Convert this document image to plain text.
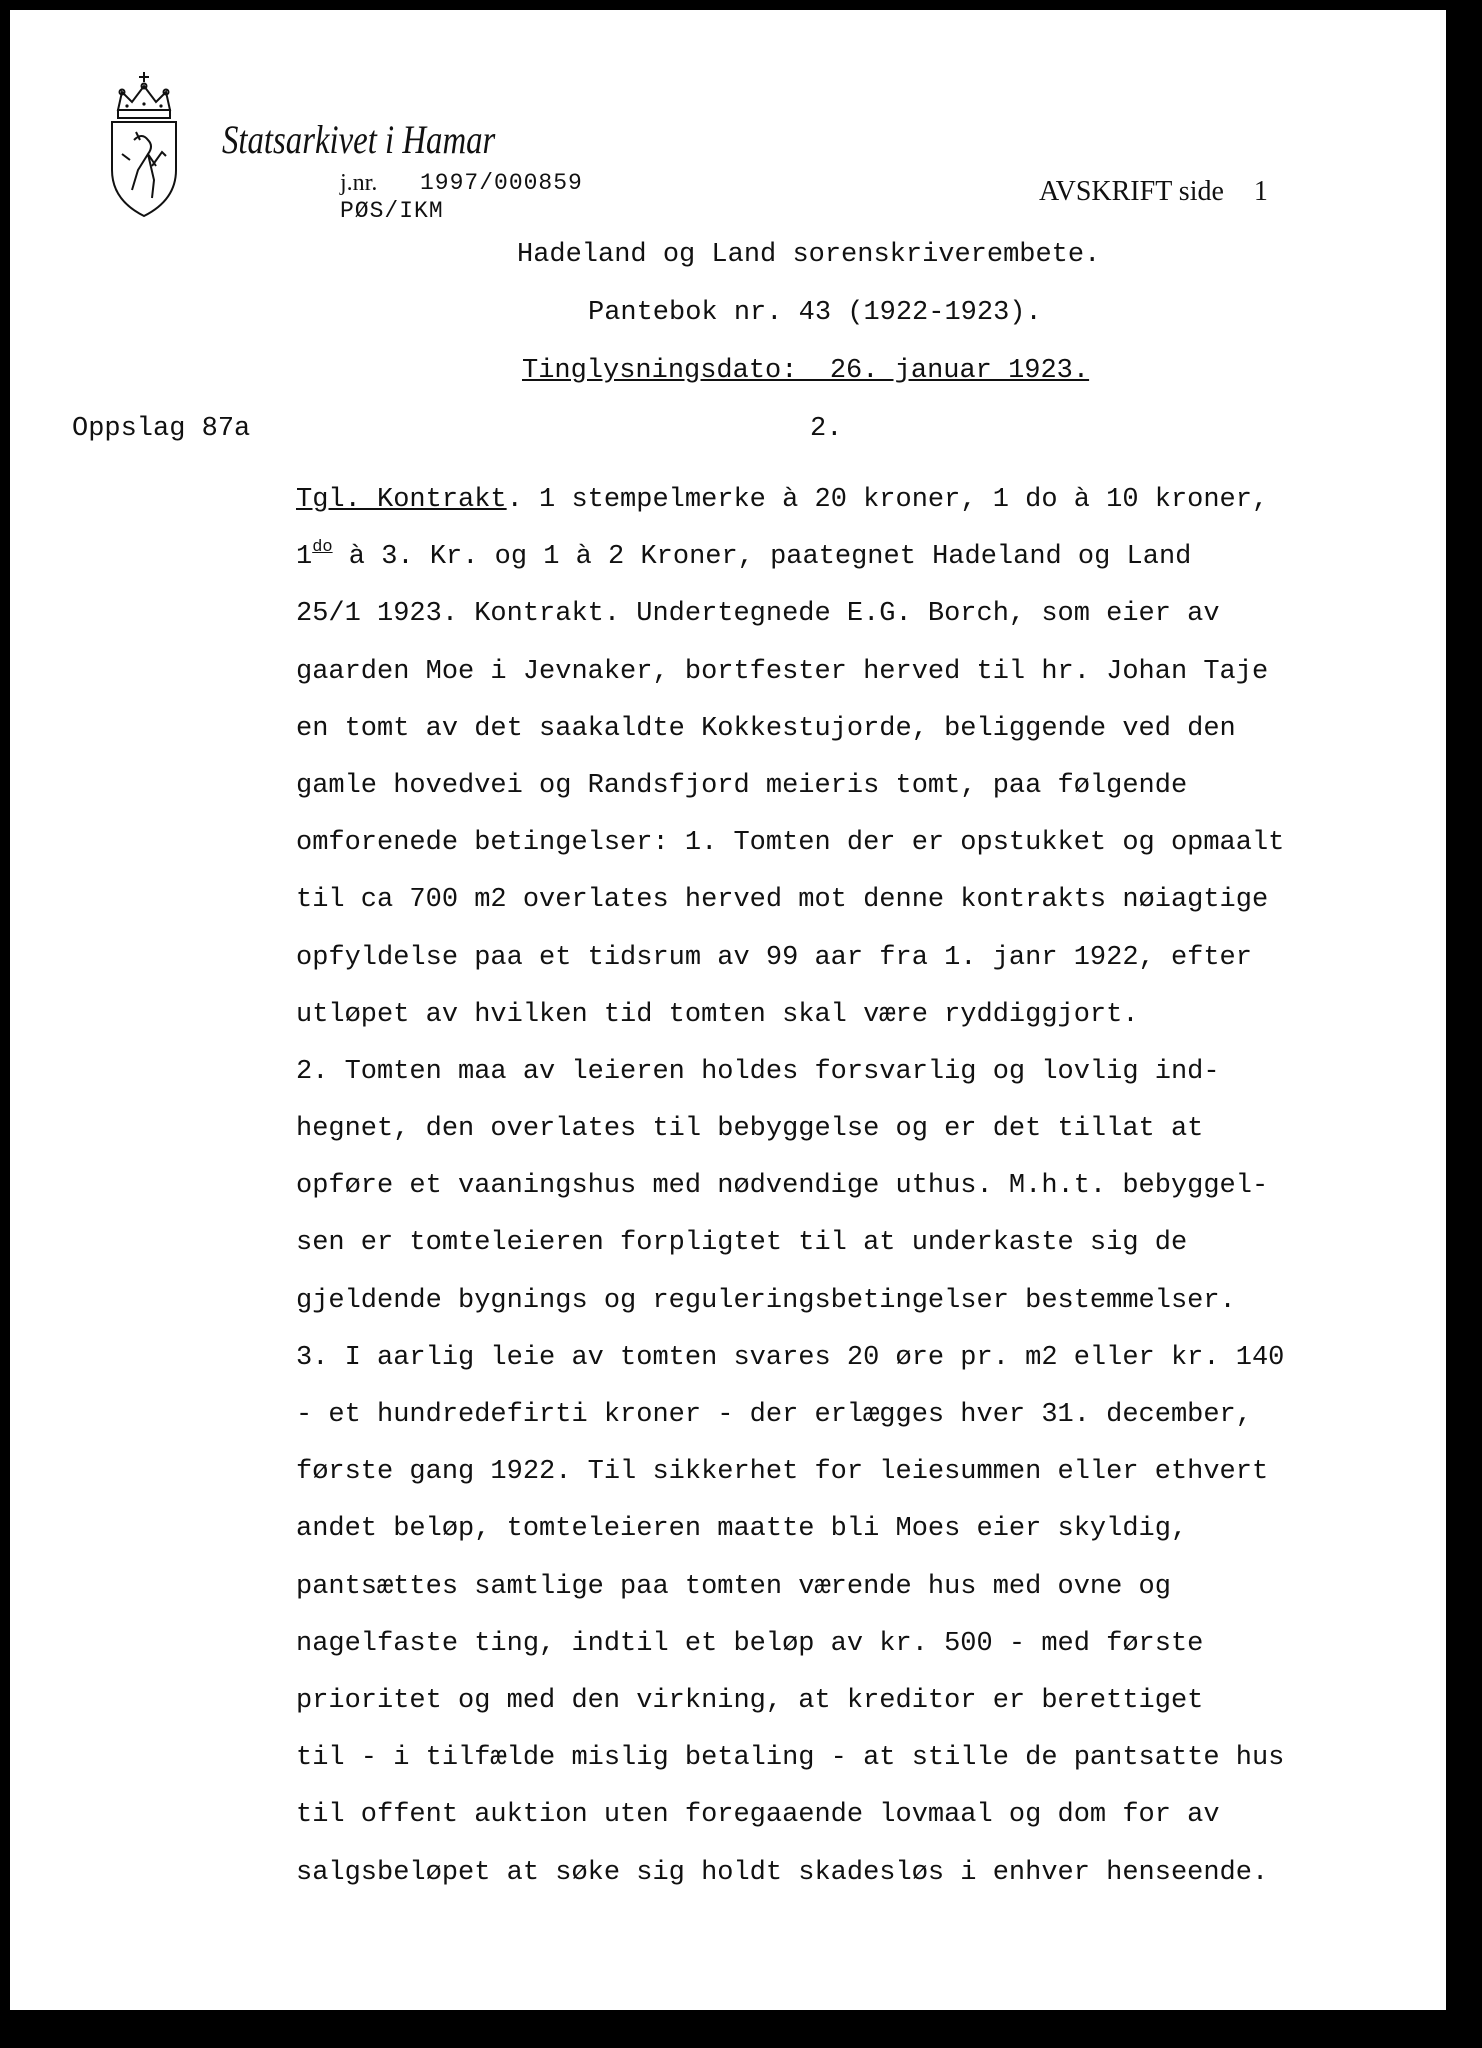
Statsarkivet i Hamar
j.nr. 1997/000859
PØS/IKM
AVSKRIFT side 1
Hadeland og Land sorenskriverembete.
Pantebok nr. 43 (1922-1923).
Tinglysningsdato:  26. januar 1923.
Oppslag 87a	2.
Tgl. Kontrakt. 1 stempelmerke à 20 kroner, 1 do à 10 kroner,
$1^{do}$ à 3. Kr. og 1 à 2 Kroner, paategnet Hadeland og Land
25/1 1923. Kontrakt. Undertegnede E.G. Borch, som eier av
gaarden Moe i Jevnaker, bortfester herved til hr. Johan Taje
en tomt av det saakaldte Kokkestujorde, beliggende ved den
gamle hovedvei og Randsfjord meieris tomt, paa følgende
omforenede betingelser: 1. Tomten der er opstukket og opmaalt
til ca 700 m2 overlates herved mot denne kontrakts nøiagtige
opfyldelse paa et tidsrum av 99 aar fra 1. janr 1922, efter
utløpet av hvilken tid tomten skal være ryddiggjort.
2. Tomten maa av leieren holdes forsvarlig og lovlig ind-
hegnet, den overlates til bebyggelse og er det tillat at
opføre et vaaningshus med nødvendige uthus. M.h.t. bebyggel-
sen er tomteleieren forpligtet til at underkaste sig de
gjeldende bygnings og reguleringsbetingelser bestemmelser.
3. I aarlig leie av tomten svares 20 øre pr. m2 eller kr. 140
- et hundredefirti kroner - der erlægges hver 31. december,
første gang 1922. Til sikkerhet for leiesummen eller ethvert
andet beløp, tomteleieren maatte bli Moes eier skyldig,
pantsættes samtlige paa tomten værende hus med ovne og
nagelfaste ting, indtil et beløp av kr. 500 - med første
prioritet og med den virkning, at kreditor er berettiget
til - i tilfælde mislig betaling - at stille de pantsatte hus
til offent auktion uten foregaaende lovmaal og dom for av
salgsbeløpet at søke sig holdt skadesløs i enhver henseende.
